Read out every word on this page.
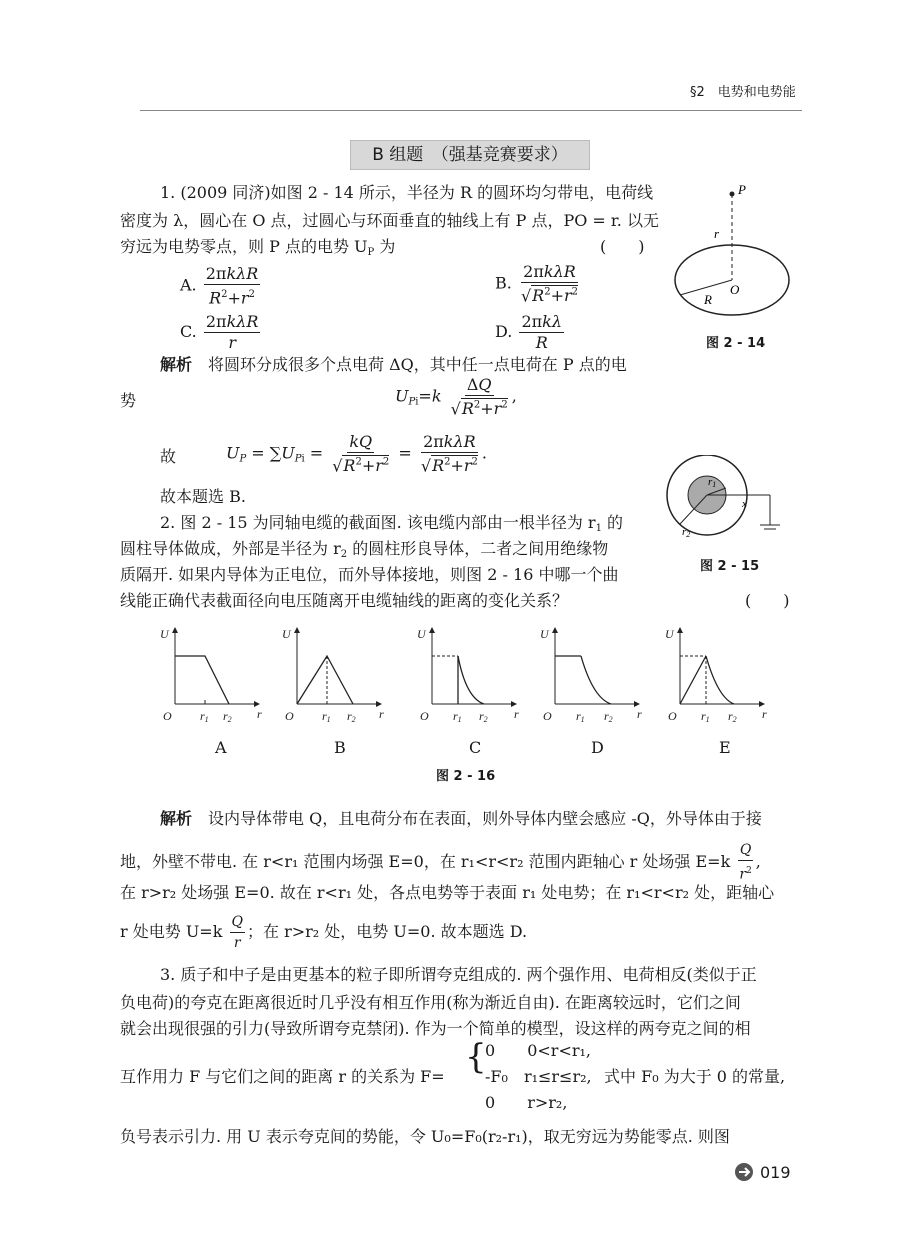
§2　电势和电势能
B 组题　（强基竞赛要求）
1. (2009 同济)如图 2 - 14 所示，半径为 R 的圆环均匀带电，电荷线
密度为 λ，圆心在 O 点，过圆心与环面垂直的轴线上有 P 点，PO = r. 以无
穷远为电势零点，则 P 点的电势 $U_P$ 为	(　　)
A. $\frac{\text{2πkλR}}{R^2+r^2}$	B. $\frac{\text{2πkλR}}{√R^2+r^2}$
C. $\frac{\text{2πkλR}}{r}$	D. $\frac{\text{2πkλ}}{R}$
P
r
R
O
图 2 - 14
解析　 将圆环分成很多个点电荷 ΔQ，其中任一点电荷在 P 点的电
势	$U_{Pi}=k \frac{\Delta Q}{√R^2+r^2}$ ,
故	$U_P = \sum U_{Pi} = \frac{kQ}{√R^2+r^2} = \frac{\text{2πkλR}}{√R^2+r^2}$ .
故本题选 B.
2. 图 2 - 15 为同轴电缆的截面图. 该电缆内部由一根半径为 $r_1$ 的
圆柱导体做成，外部是半径为 $r_2$ 的圆柱形良导体，二者之间用绝缘物
质隔开. 如果内导体为正电位，而外导体接地，则图 2 - 16 中哪一个曲
线能正确代表截面径向电压随离开电缆轴线的距离的变化关系？	(　　)
r1
x
r2
图 2 - 15
U
O r1 r2 r
U
O r1 r2 r
U
O r1 r2 r
U
O r1 r2 r
U
O r1 r2 r
A	B	C	D	E
图 2 - 16
解析　 设内导体带电 Q，且电荷分布在表面，则外导体内壁会感应 -Q，外导体由于接
地，外壁不带电. 在 r<r₁ 范围内场强 E=0，在 r₁<r<r₂ 范围内距轴心 r 处场强 $E=k \frac{Q}{r^2}$ ,
在 r>r₂ 处场强 E=0. 故在 r<r₁ 处，各点电势等于表面 r₁ 处电势；在 r₁<r<r₂ 处，距轴心
r 处电势 $U=k \frac{Q}{r}$ ；在 r>r₂ 处，电势 U=0. 故本题选 D.
3. 质子和中子是由更基本的粒子即所谓夸克组成的. 两个强作用、电荷相反(类似于正
负电荷)的夸克在距离很近时几乎没有相互作用(称为渐近自由). 在距离较远时，它们之间
就会出现很强的引力(导致所谓夸克禁闭). 作为一个简单的模型，设这样的两夸克之间的相
互作用力 F 与它们之间的距离 r 的关系为 F= {
0　　 0<r<r₁,
-F₀　 r₁≤r≤r₂,
0　　 r>r₂,
式中 F₀ 为大于 0 的常量,
负号表示引力. 用 U 表示夸克间的势能，令 U₀=F₀(r₂-r₁)，取无穷远为势能零点. 则图
019
